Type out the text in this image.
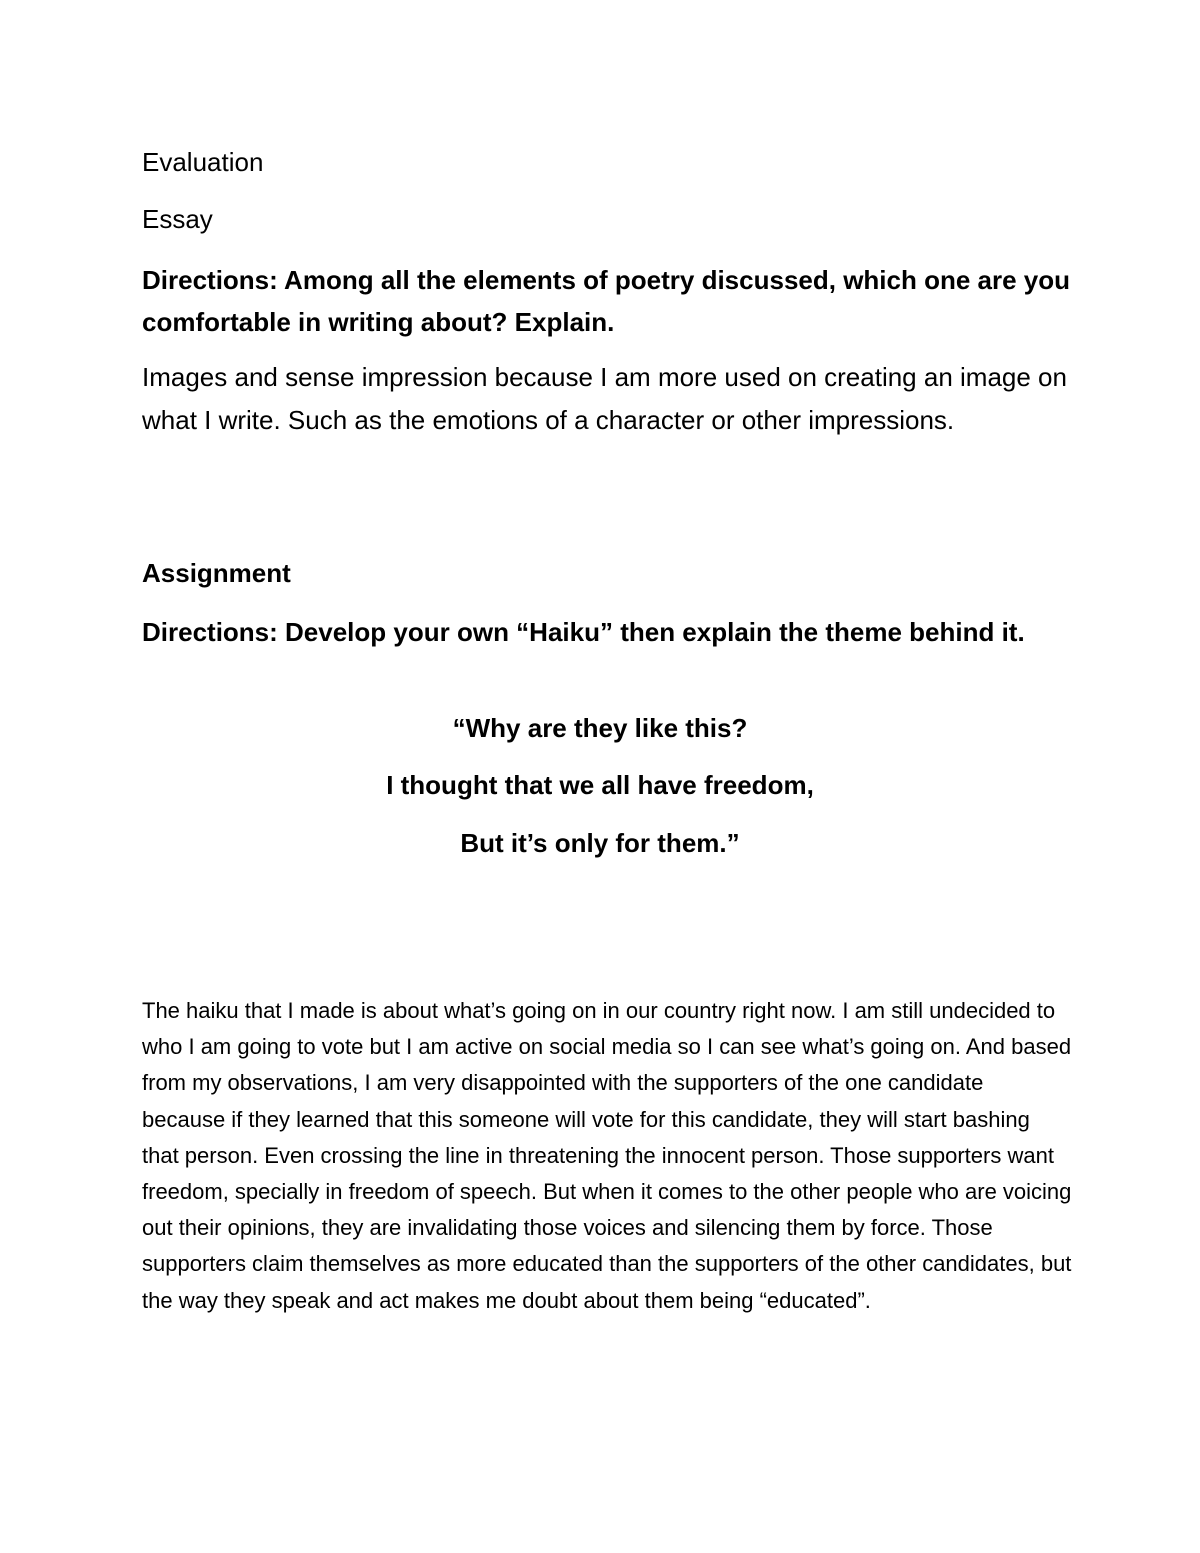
Evaluation

Essay

Directions: Among all the elements of poetry discussed, which one are you comfortable in writing about? Explain.

Images and sense impression because I am more used on creating an image on what I write. Such as the emotions of a character or other impressions.

Assignment

Directions: Develop your own “Haiku” then explain the theme behind it.

“Why are they like this?

I thought that we all have freedom,

But it’s only for them.”

The haiku that I made is about what’s going on in our country right now. I am still undecided to who I am going to vote but I am active on social media so I can see what’s going on. And based from my observations, I am very disappointed with the supporters of the one candidate because if they learned that this someone will vote for this candidate, they will start bashing that person. Even crossing the line in threatening the innocent person. Those supporters want freedom, specially in freedom of speech. But when it comes to the other people who are voicing out their opinions, they are invalidating those voices and silencing them by force. Those supporters claim themselves as more educated than the supporters of the other candidates, but the way they speak and act makes me doubt about them being “educated”.
